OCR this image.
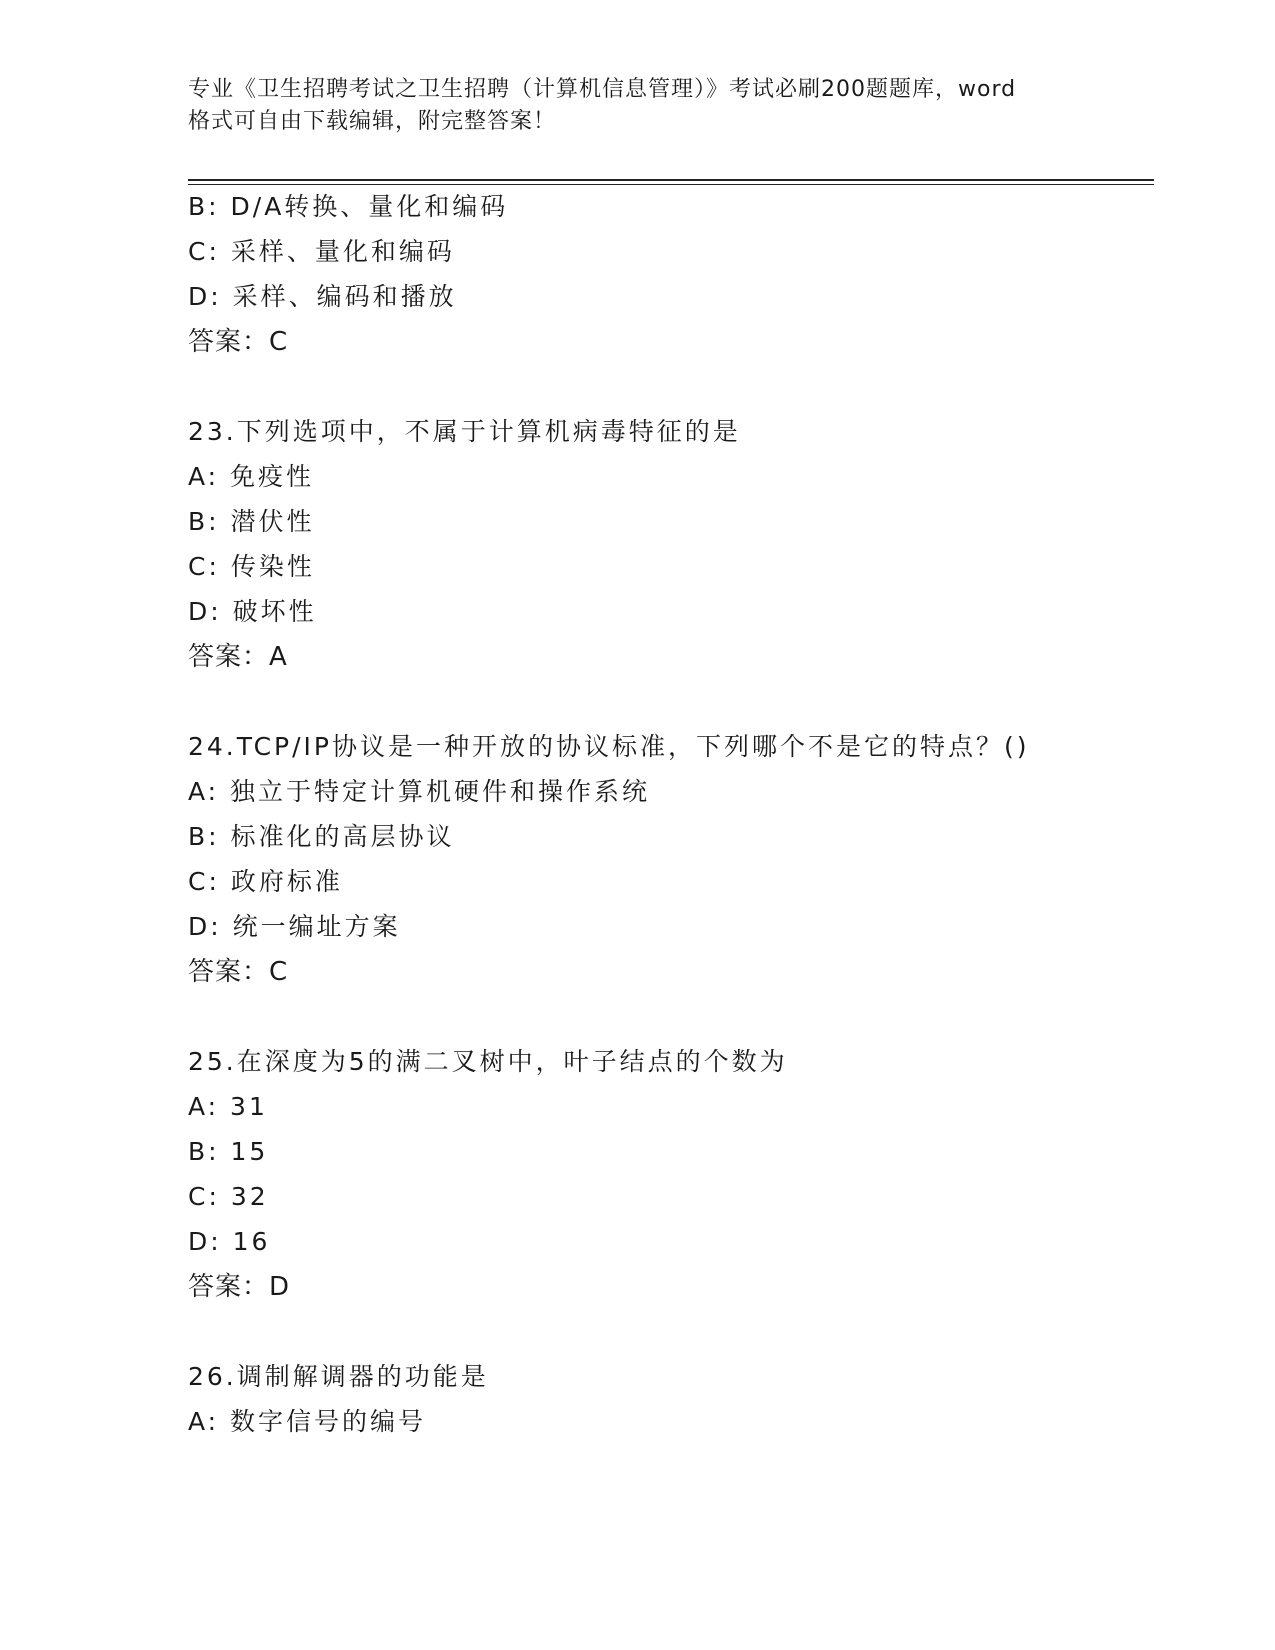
专业《卫生招聘考试之卫生招聘（计算机信息管理）》考试必刷200题题库，word
格式可自由下载编辑，附完整答案！
B: D/A转换、量化和编码
C: 采样、量化和编码
D: 采样、编码和播放
答案：C
23.下列选项中，不属于计算机病毒特征的是
A: 免疫性
B: 潜伏性
C: 传染性
D: 破坏性
答案：A
24.TCP/IP协议是一种开放的协议标准，下列哪个不是它的特点？()
A: 独立于特定计算机硬件和操作系统
B: 标准化的高层协议
C: 政府标准
D: 统一编址方案
答案：C
25.在深度为5的满二叉树中，叶子结点的个数为
A: 31
B: 15
C: 32
D: 16
答案：D
26.调制解调器的功能是
A: 数字信号的编号
